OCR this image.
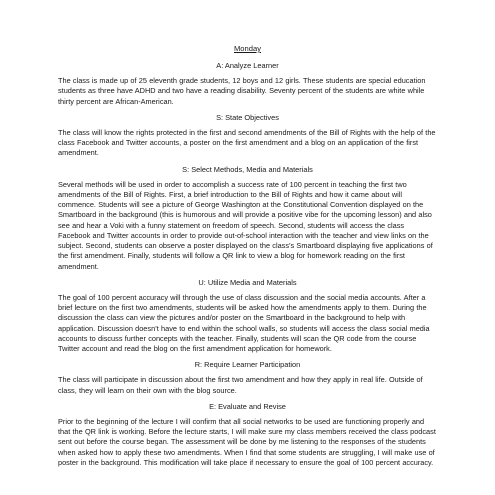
Monday
A: Analyze Learner

The class is made up of 25 eleventh grade students, 12 boys and 12 girls. These students are special education students as three have ADHD and two have a reading disability. Seventy percent of the students are white while thirty percent are African-American.

S: State Objectives

The class will know the rights protected in the first and second amendments of the Bill of Rights with the help of the class Facebook and Twitter accounts, a poster on the first amendment and a blog on an application of the first amendment.

S: Select Methods, Media and Materials

Several methods will be used in order to accomplish a success rate of 100 percent in teaching the first two amendments of the Bill of Rights. First, a brief introduction to the Bill of Rights and how it came about will commence. Students will see a picture of George Washington at the Constitutional Convention displayed on the Smartboard in the background (this is humorous and will provide a positive vibe for the upcoming lesson) and also see and hear a Voki with a funny statement on freedom of speech. Second, students will access the class Facebook and Twitter accounts in order to provide out-of-school interaction with the teacher and view links on the subject. Second, students can observe a poster displayed on the class’s Smartboard displaying five applications of the first amendment. Finally, students will follow a QR link to view a blog for homework reading on the first amendment.

U: Utilize Media and Materials

The goal of 100 percent accuracy will through the use of class discussion and the social media accounts. After a brief lecture on the first two amendments, students will be asked how the amendments apply to them. During the discussion the class can view the pictures and/or poster on the Smartboard in the background to help with application. Discussion doesn’t have to end within the school walls, so students will access the class social media accounts to discuss further concepts with the teacher. Finally, students will scan the QR code from the course Twitter account and read the blog on the first amendment application for homework.

R: Require Learner Participation

The class will participate in discussion about the first two amendment and how they apply in real life. Outside of class, they will learn on their own with the blog source.

E: Evaluate and Revise

Prior to the beginning of the lecture I will confirm that all social networks to be used are functioning properly and that the QR link is working. Before the lecture starts, I will make sure my class members received the class podcast sent out before the course began. The assessment will be done by me listening to the responses of the students when asked how to apply these two amendments. When I find that some students are struggling, I will make use of poster in the background. This modification will take place if necessary to ensure the goal of 100 percent accuracy.
